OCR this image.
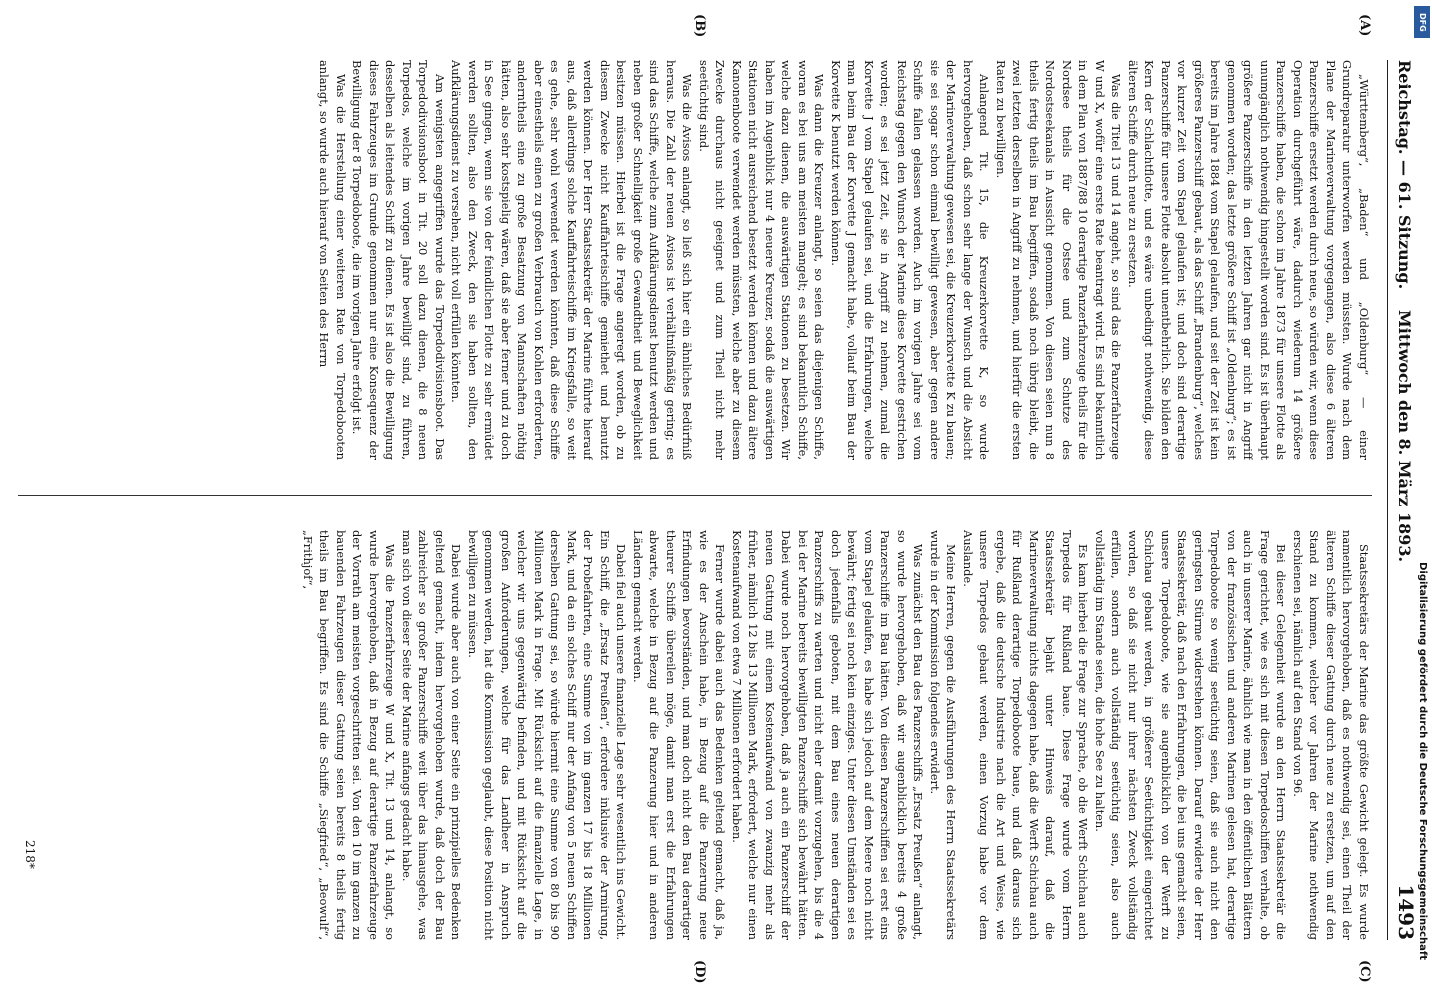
Reichstag. — 61. Sitzung.
Mittwoch den 8. März 1893.
1493
(A)
(B)
(C)
(D)

„Württemberg“, „Baden“ und „Oldenburg“ — einer Grundreparatur unterworfen werden müssten. Wurde nach dem Plane der Marineverwaltung vorgegangen, also diese 6 älteren Panzerschiffe ersetzt werden durch neue, so würden wir, wenn diese Operation durchgeführt wäre, dadurch wiederum 14 größere Panzerschiffe haben, die schon im Jahre 1873 für unsere Flotte als unumgänglich nothwendig hingestellt worden sind. Es ist überhaupt größere Panzerschiffe in den letzten Jahren gar nicht in Angriff genommen worden; das letzte größere Schiff ist „Oldenburg“; es ist bereits im Jahre 1884 vom Stapel gelaufen, und seit der Zeit ist kein größeres Panzerschiff gebaut, als das Schiff „Brandenburg“, welches vor kurzer Zeit vom Stapel gelaufen ist; und doch sind derartige Panzerschiffe für unsere Flotte absolut unentbehrlich. Sie bilden den Kern der Schlachtflotte, und es wäre unbedingt nothwendig, diese älteren Schiffe durch neue zu ersetzen.

Was die Titel 13 und 14 angeht, so sind das die Panzerfahrzeuge W und X, wofür eine erste Rate beantragt wird. Es sind bekanntlich in dem Plan von 1887/88 10 derartige Panzerfahrzeuge theils für die Nordsee theils für die Ostsee und zum Schutze des Nordostseekanals in Aussicht genommen. Von diesen seien nun 8 theils fertig theils im Bau begriffen, sodaß noch übrig bleibt, die zwei letzten derselben in Angriff zu nehmen, und hierfür die ersten Raten zu bewilligen.

Anlangend Tit. 15, die Kreuzerkorvette K, so wurde hervorgehoben, daß schon sehr lange der Wunsch und die Absicht der Marineverwaltung gewesen sei, die Kreuzerkorvette K zu bauen; sie sei sogar schon einmal bewilligt gewesen, aber gegen andere Schiffe fallen gelassen worden. Auch im vorigen Jahre sei vom Reichstag gegen den Wunsch der Marine diese Korvette gestrichen worden; es sei jetzt Zeit, sie in Angriff zu nehmen, zumal die Korvette J vom Stapel gelaufen sei, und die Erfahrungen, welche man beim Bau der Korvette J gemacht habe, vollauf beim Bau der Korvette K benutzt werden können.

Was dann die Kreuzer anlangt, so seien das diejenigen Schiffe, woran es bei uns am meisten mangelt; es sind bekanntlich Schiffe, welche dazu dienen, die auswärtigen Stationen zu besetzen. Wir haben im Augenblick nur 4 neuere Kreuzer, sodaß die auswärtigen Stationen nicht ausreichend besetzt werden können und dazu ältere Kanonenboote verwendet werden müssten, welche aber zu diesem Zwecke durchaus nicht geeignet und zum Theil nicht mehr seetüchtig sind.

Was die Avisos anlangt, so ließ sich hier ein ähnliches Bedürfniß heraus. Die Zahl der neuen Avisos ist verhältnißmäßig gering; es sind das Schiffe, welche zum Aufklärungsdienst benutzt werden und neben großer Schnelligkeit große Gewandtheit und Beweglichkeit besitzen müssen. Hierbei ist die Frage angeregt worden, ob zu diesem Zwecke nicht Kauffahrteischiffe gemiethet und benutzt werden können. Der Herr Staatssekretär der Marine führte hierauf aus, daß allerdings solche Kauffahrteischiffe im Kriegsfalle, so weit es gehe, sehr wohl verwendet werden könnten, daß diese Schiffe aber einestheils einen zu großen Verbrauch von Kohlen erforderten, anderntheils eine zu große Besatzung von Mannschaften nöthig hätten, also sehr kostspielig wären, daß sie aber ferner und zu doch in See gingen, wenn sie von der feindlichen Flotte zu sehr ermüdet werden sollten, also den Zweck, den sie haben sollten, den Aufklärungsdienst zu versehen, nicht voll erfüllen könnten.

Am wenigsten angegriffen wurde das Torpedodivisionsboot. Das Torpedodivisionsboot in Tit. 20 soll dazu dienen, die 8 neuen Torpedos, welche im vorigen Jahre bewilligt sind, zu führen, desselben als leitendes Schiff zu dienen. Es ist also die Bewilligung dieses Fahrzeuges im Grunde genommen nur eine Konsequenz der Bewilligung der 8 Torpedoboote, die im vorigen Jahre erfolgt ist.

Was die Herstellung einer weiteren Rate von Torpedobooten anlangt, so wurde auch hierauf von Seiten des Herrn

Staatssekretärs der Marine das größte Gewicht gelegt. Es wurde namentlich hervorgehoben, daß es nothwendig sei, einen Theil der älteren Schiffe dieser Gattung durch neue zu ersetzen, um auf den Stand zu kommen, welcher vor Jahren der Marine nothwendig erschienen sei, nämlich auf den Stand von 96.

Bei dieser Gelegenheit wurde an den Herrn Staatssekretär die Frage gerichtet, wie es sich mit diesen Torpedoschiffen verhalte, ob auch in unserer Marine, ähnlich wie man in den öffentlichen Blättern von der französischen und anderen Marinen gelesen hat, derartige Torpedoboote so wenig seetüchtig seien, daß sie auch nicht den geringsten Stürme widerstehen können. Darauf erwiderte der Herr Staatssekretär, daß nach den Erfahrungen, die bei uns gemacht seien, unsere Torpedoboote, wie sie augenblicklich von der Werft zu Schichau gebaut werden, in größerer Seetüchtigkeit eingerichtet worden, so daß sie nicht nur ihrer nächsten Zweck vollständig erfüllen, sondern auch vollständig seetüchtig seien, also auch vollständig im Stande seien, die hohe See zu halten.

Es kam hierbei die Frage zur Sprache, ob die Werft Schichau auch Torpedos für Rußland baue. Diese Frage wurde vom Herrn Staatssekretär bejaht unter Hinweis darauf, daß die Marineverwaltung nichts dagegen habe, daß die Werft Schichau auch für Rußland derartige Torpedoboote baue, und daß daraus sich ergebe, daß die deutsche Industrie nach die Art und Weise, wie unsere Torpedos gebaut werden, einen Vorzug habe vor dem Auslande.

Meine Herren, gegen die Ausführungen des Herrn Staatssekretärs wurde in der Kommission folgendes erwidert.

Was zunächst den Bau des Panzerschiffs „Ersatz Preußen“ anlangt, so wurde hervorgehoben, daß wir augenblicklich bereits 4 große Panzerschiffe im Bau hätten. Von diesen Panzerschiffen sei erst eins vom Stapel gelaufen, es habe sich jedoch auf dem Meere noch nicht bewährt; fertig sei noch kein einziges. Unter diesen Umständen sei es doch jedenfalls geboten, mit dem Bau eines neuen derartigen Panzerschiffs zu warten und nicht eher damit vorzugehen, bis die 4 bei der Marine bereits bewilligten Panzerschiffe sich bewährt hätten. Dabei wurde noch hervorgehoben, daß ja auch ein Panzerschiff der neuen Gattung mit einem Kostenaufwand von zwanzig mehr als früher, nämlich 12 bis 13 Millionen Mark, erfordert, welche nur einen Kostenaufwand von etwa 7 Millionen erfordert haben.

Ferner wurde dabei auch das Bedenken geltend gemacht, daß ja, wie es der Anschein habe, in Bezug auf die Panzerung neue Erfindungen bevorständen, und man doch nicht den Bau derartiger theurer Schiffe übereilen möge, damit man erst die Erfahrungen abwarte, welche in Bezug auf die Panzerung hier und in anderen Ländern gemacht werden.

Dabei fiel auch unsere finanzielle Lage sehr wesentlich ins Gewicht. Ein Schiff, die „Ersatz Preußen“, erfordere inklusive der Armirung, der Probefahrten, eine Summe von im ganzen 17 bis 18 Millionen Mark, und da ein solches Schiff nur der Anfang von 5 neuen Schiffen derselben Gattung sei, so würde hiermit eine Summe von 80 bis 90 Millionen Mark in Frage. Mit Rücksicht auf die finanzielle Lage, in welcher wir uns gegenwärtig befinden, und mit Rücksicht auf die großen Anforderungen, welche für das Landheer in Anspruch genommen werden, hat die Kommission geglaubt, diese Position nicht bewilligen zu müssen.

Dabei wurde aber auch von einer Seite ein prinzipielles Bedenken geltend gemacht, indem hervorgehoben wurde, daß doch der Bau zahlreicher so großer Panzerschiffe weit über das hinausgehe, was man sich von dieser Seite der Marine anfangs gedacht habe.

Was die Panzerfahrzeuge W und X, Tit. 13 und 14, anlangt, so wurde hervorgehoben, daß in Bezug auf derartige Panzerfahrzeuge der Vorrath am meisten vorgeschritten sei. Von den 10 im ganzen zu bauenden Fahrzeugen dieser Gattung seien bereits 8 theils fertig theils im Bau begriffen. Es sind die Schiffe „Siegfried“, „Beowulf“, „Frithjof“,

218*	Digitalisierung gefördert durch die Deutsche Forschungsgemeinschaft
DFG
